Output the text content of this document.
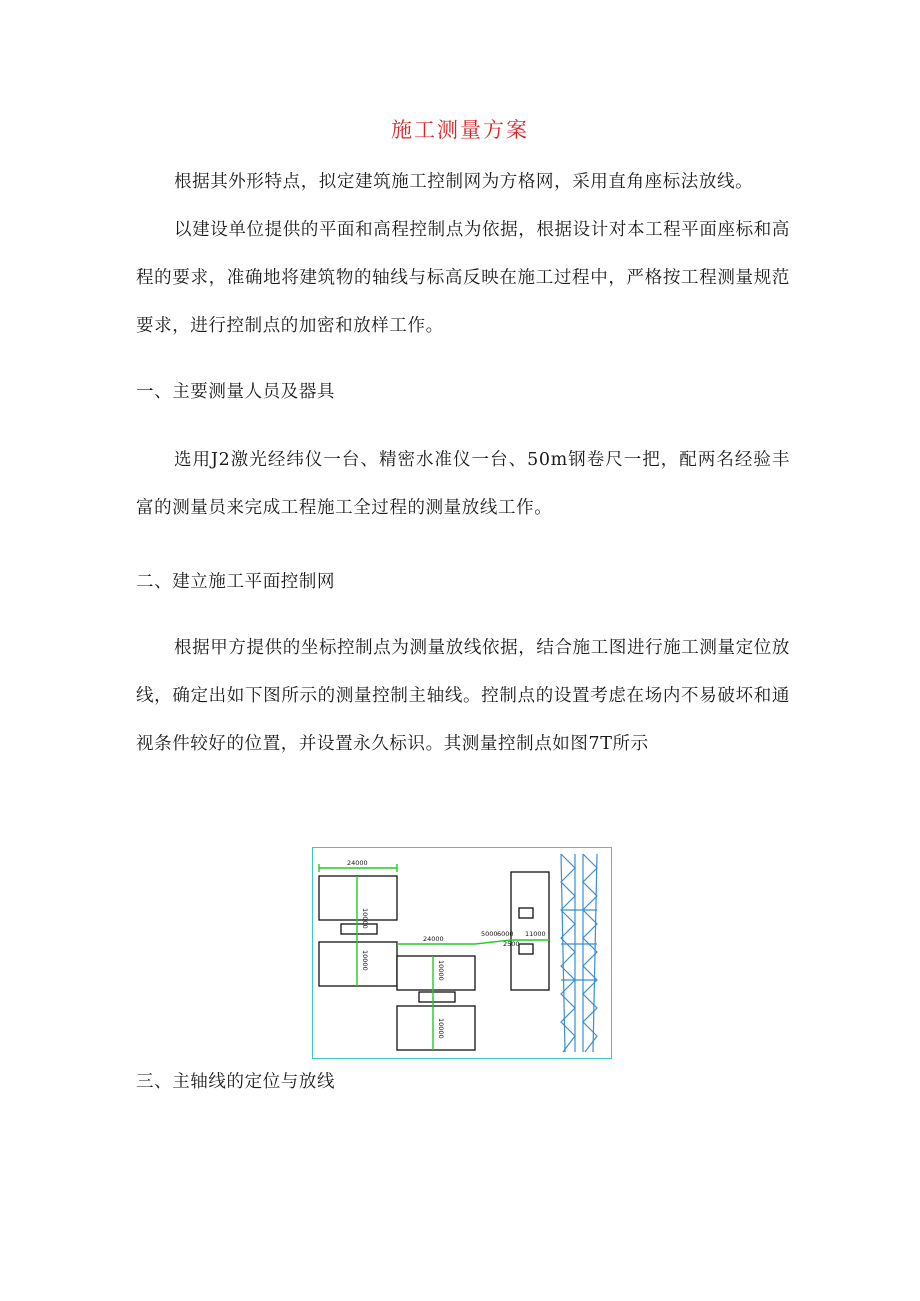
施工测量方案

根据其外形特点，拟定建筑施工控制网为方格网，采用直角座标法放线。

以建设单位提供的平面和高程控制点为依据，根据设计对本工程平面座标和高程的要求，准确地将建筑物的轴线与标高反映在施工过程中，严格按工程测量规范要求，进行控制点的加密和放样工作。

一、主要测量人员及器具

选用J2激光经纬仪一台、精密水准仪一台、50m钢卷尺一把，配两名经验丰富的测量员来完成工程施工全过程的测量放线工作。

二、建立施工平面控制网

根据甲方提供的坐标控制点为测量放线依据，结合施工图进行施工测量定位放线，确定出如下图所示的测量控制主轴线。控制点的设置考虑在场内不易破坏和通视条件较好的位置，并设置永久标识。其测量控制点如图7T所示

24000
24000
5000 6000 11000
2500
10000
10000	10000
10000

三、主轴线的定位与放线
